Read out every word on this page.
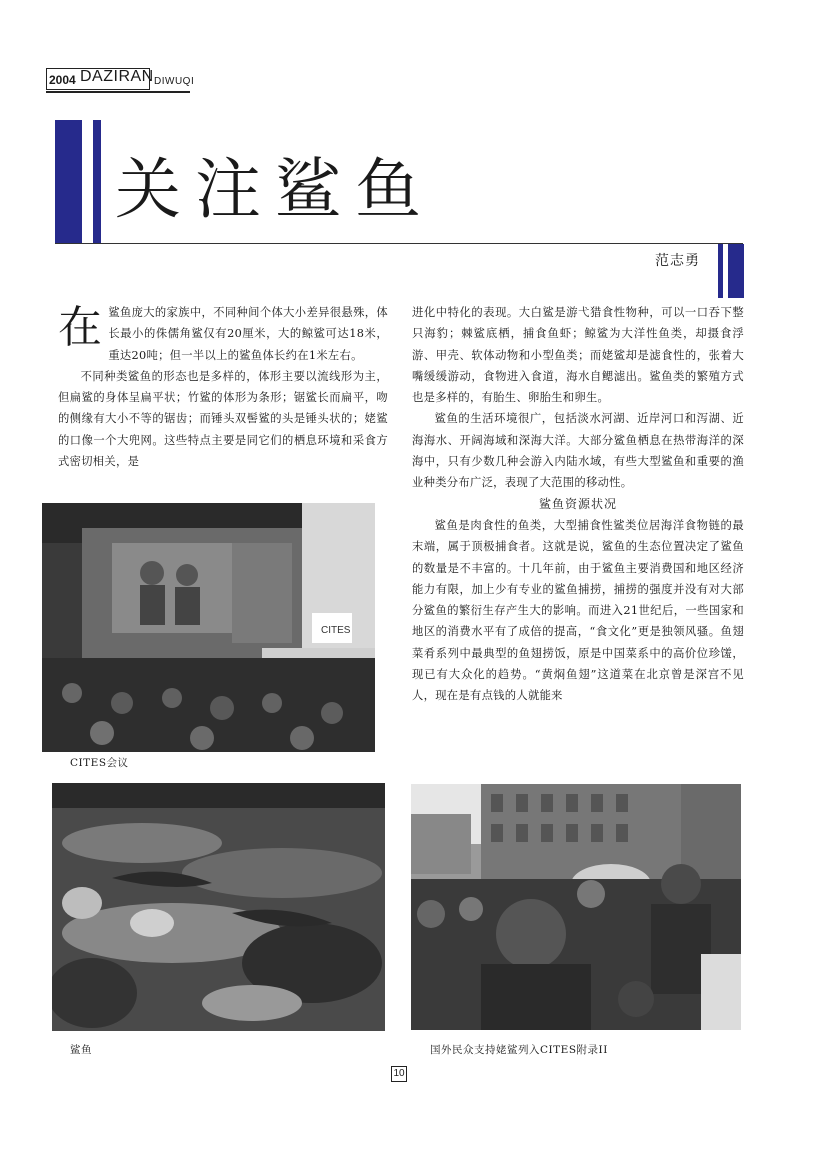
2004 DAZIRAN DIWUQI
关注鲨鱼
范志勇

在鲨鱼庞大的家族中，不同种间个体大小差异很悬殊，体长最小的侏儒角鲨仅有20厘米，大的鲸鲨可达18米，重达20吨；但一半以上的鲨鱼体长约在1米左右。

不同种类鲨鱼的形态也是多样的，体形主要以流线形为主，但扁鲨的身体呈扁平状；竹鲨的体形为条形；锯鲨长而扁平，吻的侧缘有大小不等的锯齿；而锤头双髻鲨的头是锤头状的；姥鲨的口像一个大兜网。这些特点主要是同它们的栖息环境和采食方式密切相关，是

进化中特化的表现。大白鲨是游弋猎食性物种，可以一口吞下整只海豹；棘鲨底栖，捕食鱼虾；鲸鲨为大洋性鱼类，却摄食浮游、甲壳、软体动物和小型鱼类；而姥鲨却是滤食性的，张着大嘴缓缓游动，食物进入食道，海水自鳃滤出。鲨鱼类的繁殖方式也是多样的，有胎生、卵胎生和卵生。

鲨鱼的生活环境很广，包括淡水河湖、近岸河口和泻湖、近海海水、开阔海域和深海大洋。大部分鲨鱼栖息在热带海洋的深海中，只有少数几种会游入内陆水域，有些大型鲨鱼和重要的渔业种类分布广泛，表现了大范围的移动性。

鲨鱼资源状况

鲨鱼是肉食性的鱼类，大型捕食性鲨类位居海洋食物链的最末端，属于顶极捕食者。这就是说，鲨鱼的生态位置决定了鲨鱼的数量是不丰富的。十几年前，由于鲨鱼主要消费国和地区经济能力有限，加上少有专业的鲨鱼捕捞，捕捞的强度并没有对大部分鲨鱼的繁衍生存产生大的影响。而进入21世纪后，一些国家和地区的消费水平有了成倍的提高，“食文化”更是独领风骚。鱼翅菜肴系列中最典型的鱼翅捞饭，原是中国菜系中的高价位珍馐，现已有大众化的趋势。“黄焖鱼翅”这道菜在北京曾是深宫不见人，现在是有点钱的人就能来

CITES
CITES会议
鲨鱼	国外民众支持姥鲨列入CITES附录II
10
